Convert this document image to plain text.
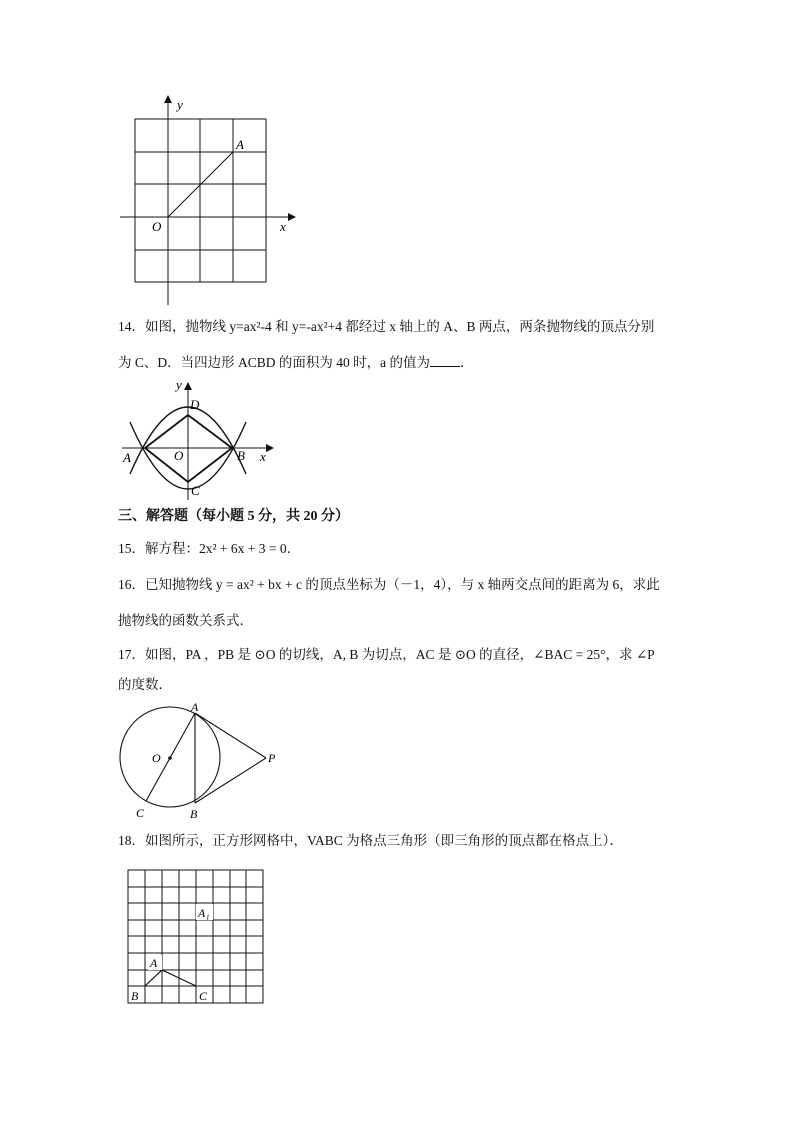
y
x
O
A
14．如图，抛物线 y=ax²-4 和 y=-ax²+4 都经过 x 轴上的 A、B 两点，两条抛物线的顶点分别
为 C、D．当四边形 ACBD 的面积为 40 时，a 的值为 ．
y
x
D
O
A	B
C
三、解答题（每小题 5 分，共 20 分）
15．解方程：2x² + 6x + 3 = 0．
16．已知抛物线 y = ax² + bx + c 的顶点坐标为（－1，4），与 x 轴两交点间的距离为 6，求此
抛物线的函数关系式．
17．如图，PA ，PB 是 ⊙O 的切线，A, B 为切点，AC 是 ⊙O 的直径，∠BAC = 25°，求 ∠P
的度数．
A
O	P
C	B
18．如图所示，正方形网格中，VABC 为格点三角形（即三角形的顶点都在格点上）．
A₁
A
B	C
